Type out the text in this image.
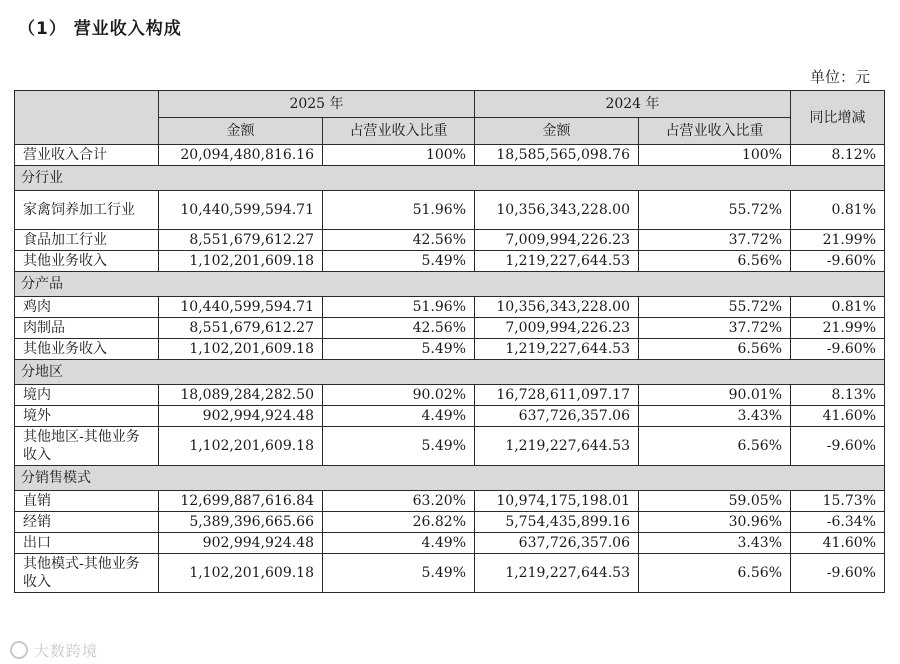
（1） 营业收入构成
单位：元
	2025 年		2024 年		同比增减
	金额	占营业收入比重	金额	占营业收入比重	
营业收入合计	20,094,480,816.16	100%	18,585,565,098.76	100%	8.12%
分行业					
家禽饲养加工行业	10,440,599,594.71	51.96%	10,356,343,228.00	55.72%	0.81%
食品加工行业	8,551,679,612.27	42.56%	7,009,994,226.23	37.72%	21.99%
其他业务收入	1,102,201,609.18	5.49%	1,219,227,644.53	6.56%	-9.60%
分产品					
鸡肉	10,440,599,594.71	51.96%	10,356,343,228.00	55.72%	0.81%
肉制品	8,551,679,612.27	42.56%	7,009,994,226.23	37.72%	21.99%
其他业务收入	1,102,201,609.18	5.49%	1,219,227,644.53	6.56%	-9.60%
分地区					
境内	18,089,284,282.50	90.02%	16,728,611,097.17	90.01%	8.13%
境外	902,994,924.48	4.49%	637,726,357.06	3.43%	41.60%
其他地区-其他业务收入	1,102,201,609.18	5.49%	1,219,227,644.53	6.56%	-9.60%
分销售模式					
直销	12,699,887,616.84	63.20%	10,974,175,198.01	59.05%	15.73%
经销	5,389,396,665.66	26.82%	5,754,435,899.16	30.96%	-6.34%
出口	902,994,924.48	4.49%	637,726,357.06	3.43%	41.60%
其他模式-其他业务收入	1,102,201,609.18	5.49%	1,219,227,644.53	6.56%	-9.60%
大数跨境
